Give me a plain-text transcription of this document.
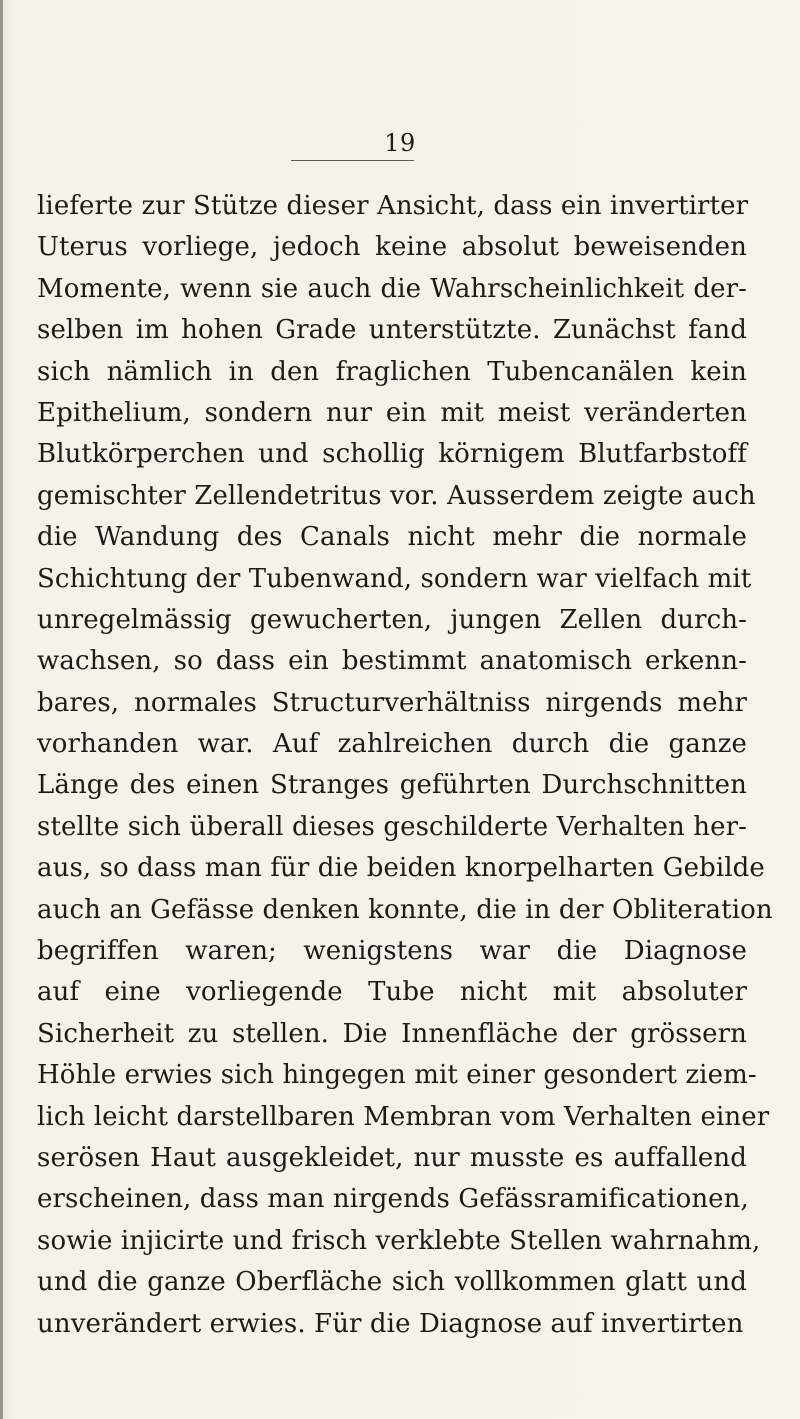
19
lieferte zur Stütze dieser Ansicht, dass ein invertirter
Uterus vorliege, jedoch keine absolut beweisenden
Momente, wenn sie auch die Wahrscheinlichkeit der-
selben im hohen Grade unterstützte. Zunächst fand
sich nämlich in den fraglichen Tubencanälen kein
Epithelium, sondern nur ein mit meist veränderten
Blutkörperchen und schollig körnigem Blutfarbstoff
gemischter Zellendetritus vor. Ausserdem zeigte auch
die Wandung des Canals nicht mehr die normale
Schichtung der Tubenwand, sondern war vielfach mit
unregelmässig gewucherten, jungen Zellen durch-
wachsen, so dass ein bestimmt anatomisch erkenn-
bares, normales Structurverhältniss nirgends mehr
vorhanden war. Auf zahlreichen durch die ganze
Länge des einen Stranges geführten Durchschnitten
stellte sich überall dieses geschilderte Verhalten her-
aus, so dass man für die beiden knorpelharten Gebilde
auch an Gefässe denken konnte, die in der Obliteration
begriffen waren; wenigstens war die Diagnose
auf eine vorliegende Tube nicht mit absoluter
Sicherheit zu stellen. Die Innenfläche der grössern
Höhle erwies sich hingegen mit einer gesondert ziem-
lich leicht darstellbaren Membran vom Verhalten einer
serösen Haut ausgekleidet, nur musste es auffallend
erscheinen, dass man nirgends Gefässramificationen,
sowie injicirte und frisch verklebte Stellen wahrnahm,
und die ganze Oberfläche sich vollkommen glatt und
unverändert erwies. Für die Diagnose auf invertirten
